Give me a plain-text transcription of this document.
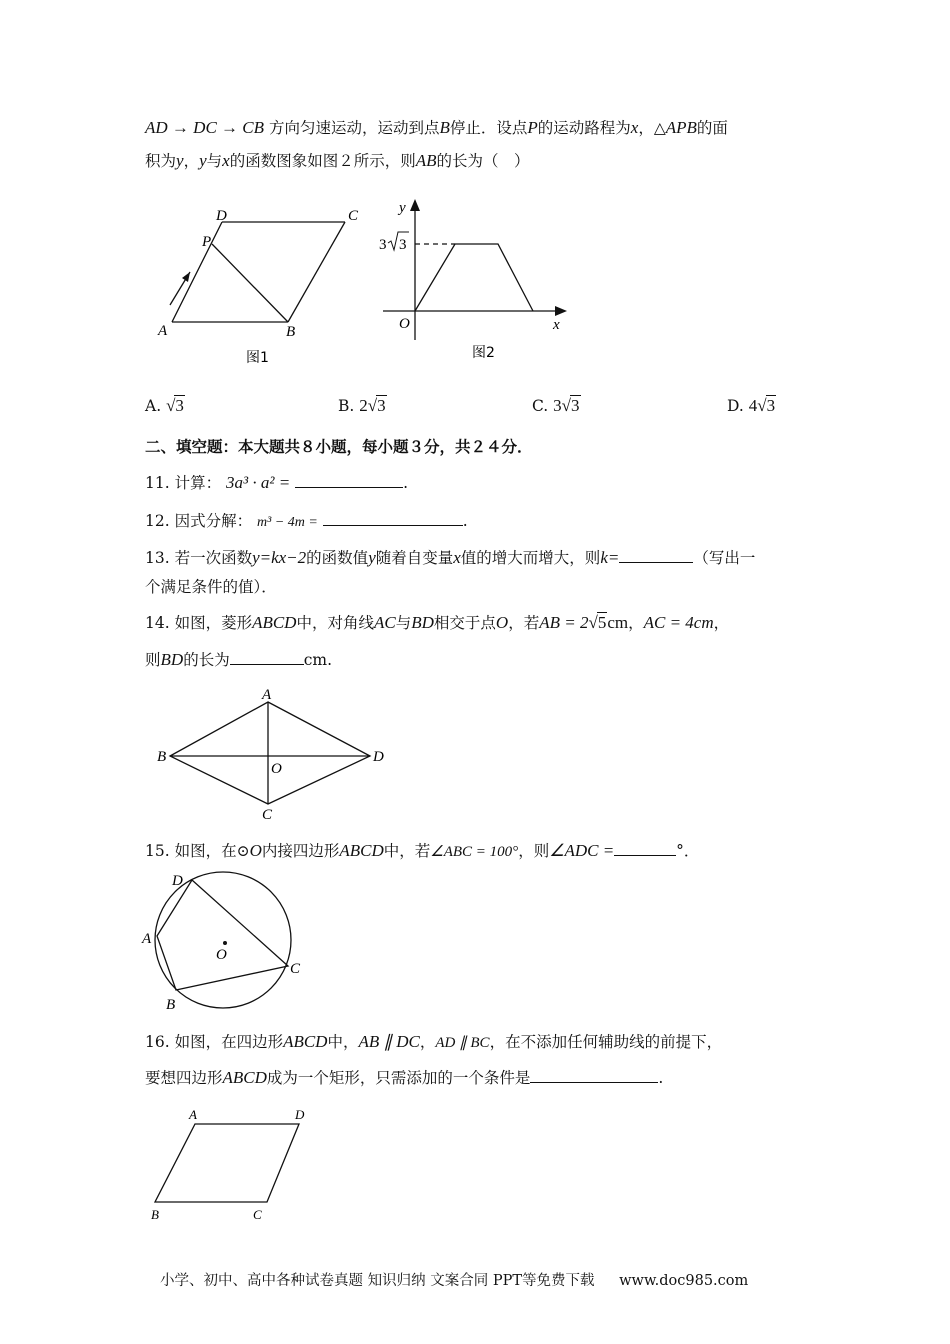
AD → DC → CB 方向匀速运动，运动到点B停止．设点P的运动路程为x，△APB的面
积为y，y与x的函数图象如图２所示，则AB的长为（　）
D	C
P
A	B
图1
y
x
O
3 3
图2
A. √3	B. 2√3	C. 3√3	D. 4√3
二、填空题：本大题共８小题，每小题３分，共２４分．
11. 计算： 3a³ · a² =	.
12. 因式分解： m³ − 4m =	.
13. 若一次函数y=kx−2的函数值y随着自变量x值的增大而增大，则k=	（写出一
个满足条件的值）．
14. 如图，菱形ABCD中，对角线AC与BD相交于点O，若AB = 2√5cm，AC = 4cm，
则BD的长为	cm.
A
B	D
O
C
15. 如图，在⊙O内接四边形ABCD中，若∠ABC = 100°，则∠ADC =	°．
D
A
B
C
O
16. 如图，在四边形ABCD中，AB ∥ DC，AD ∥ BC，在不添加任何辅助线的前提下，
要想四边形ABCD成为一个矩形，只需添加的一个条件是	.
A	D
B	C
小学、初中、高中各种试卷真题 知识归纳 文案合同 PPT等免费下载 www.doc985.com
